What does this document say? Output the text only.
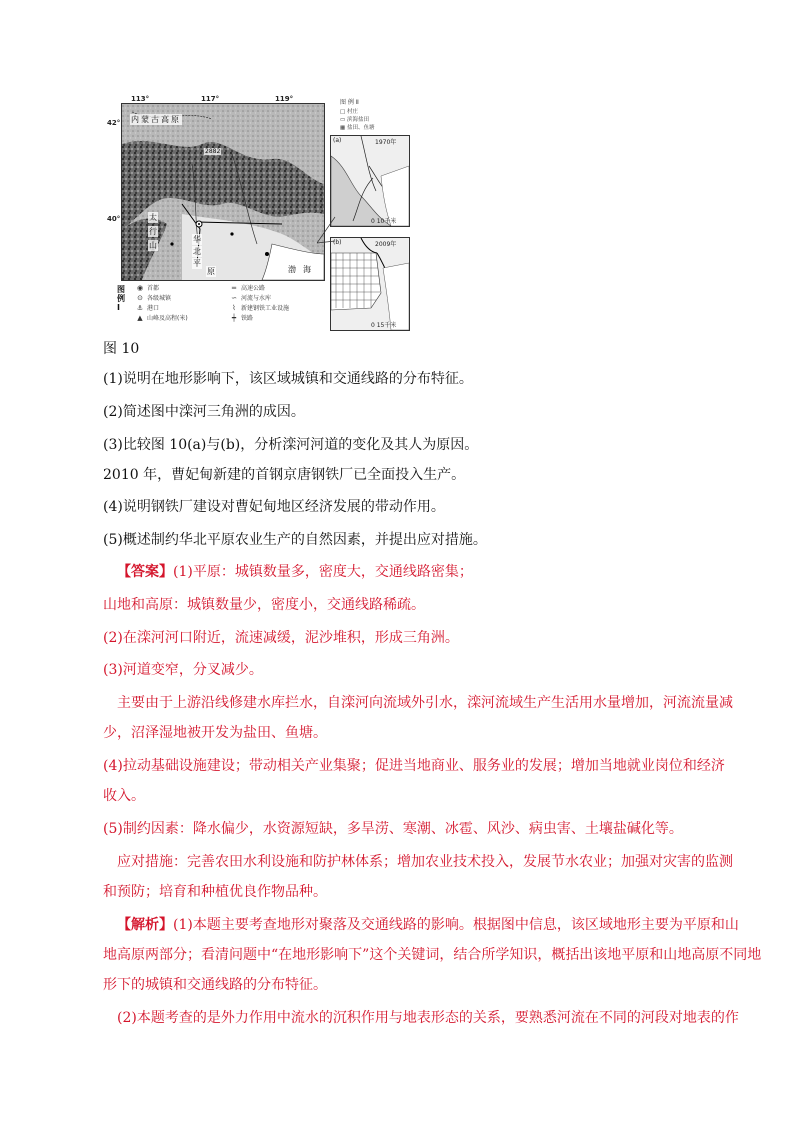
113°	117°	119°
42°
40°
内蒙古高原
太
行
山
华
北
平
原	渤 海
2882
图例Ⅰ
◉ 首都
⊙ 各级城镇
⚓ 港口
▲ 山峰及高程(米)
═ 高速公路
∽ 河流与水库
⌇ 新建钢铁工业设施
┿ 铁路
图 例 Ⅱ
□ 村庄
▭ 滨海盐田
▦ 盐田、鱼塘
(a)	1970年
0 10千米
(b)	2009年
0 15千米
图 10
(1)说明在地形影响下，该区域城镇和交通线路的分布特征。
(2)简述图中滦河三角洲的成因。
(3)比较图 10(a)与(b)，分析滦河河道的变化及其人为原因。
2010 年，曹妃甸新建的首钢京唐钢铁厂已全面投入生产。
(4)说明钢铁厂建设对曹妃甸地区经济发展的带动作用。
(5)概述制约华北平原农业生产的自然因素，并提出应对措施。
【答案】(1)平原：城镇数量多，密度大，交通线路密集；
山地和高原：城镇数量少，密度小，交通线路稀疏。
(2)在滦河河口附近，流速减缓，泥沙堆积，形成三角洲。
(3)河道变窄，分叉减少。
主要由于上游沿线修建水库拦水，自滦河向流域外引水，滦河流域生产生活用水量增加，河流流量减
少，沼泽湿地被开发为盐田、鱼塘。
(4)拉动基础设施建设；带动相关产业集聚；促进当地商业、服务业的发展；增加当地就业岗位和经济
收入。
(5)制约因素：降水偏少，水资源短缺，多旱涝、寒潮、冰雹、风沙、病虫害、土壤盐碱化等。
应对措施：完善农田水利设施和防护林体系；增加农业技术投入，发展节水农业；加强对灾害的监测
和预防；培育和种植优良作物品种。
【解析】(1)本题主要考查地形对聚落及交通线路的影响。根据图中信息，该区域地形主要为平原和山
地高原两部分；看清问题中“在地形影响下”这个关键词，结合所学知识，概括出该地平原和山地高原不同地
形下的城镇和交通线路的分布特征。
(2)本题考查的是外力作用中流水的沉积作用与地表形态的关系，要熟悉河流在不同的河段对地表的作
